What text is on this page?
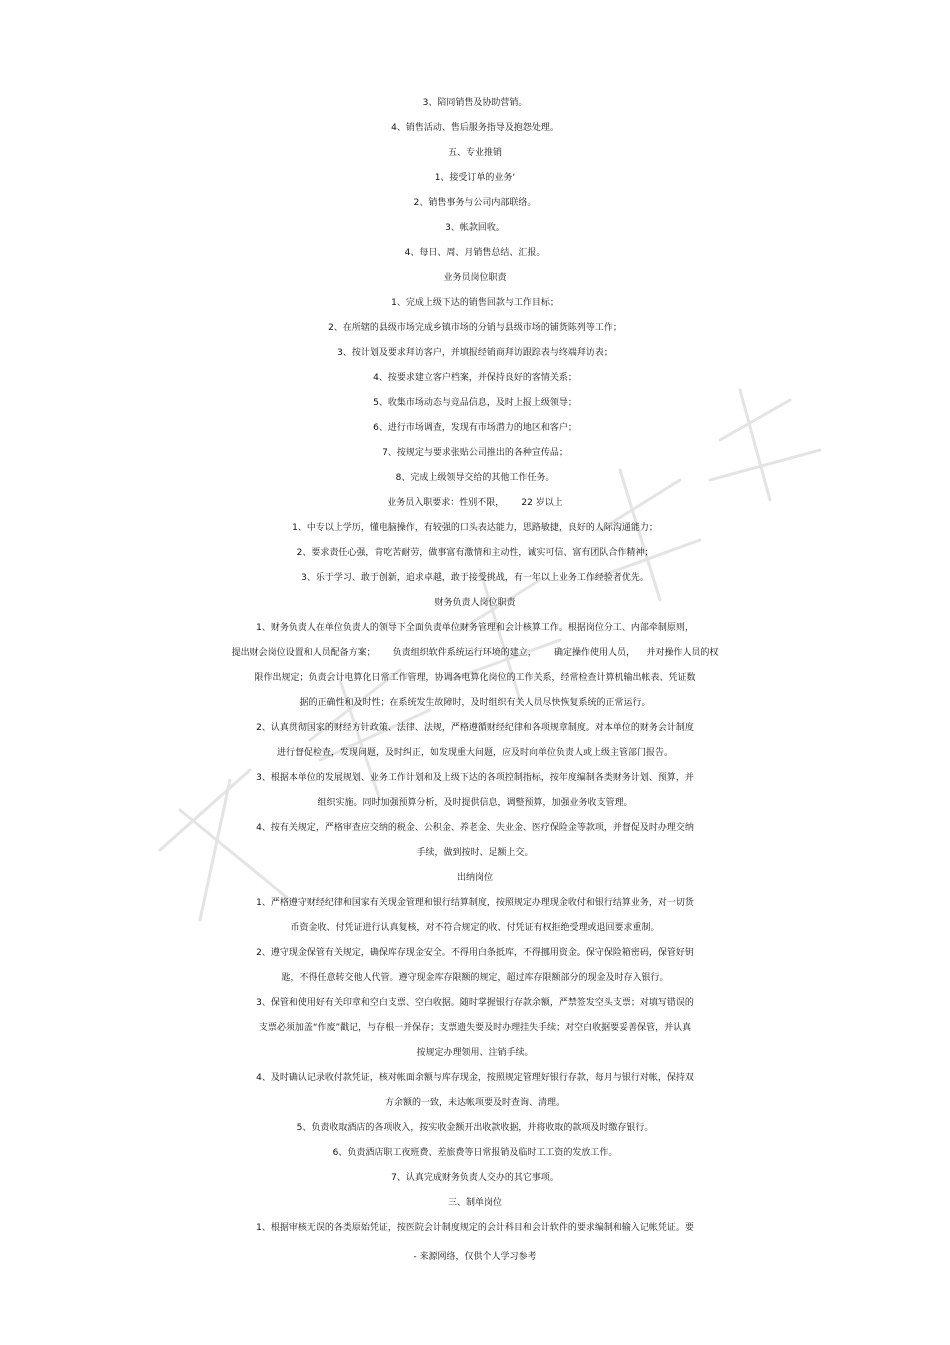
3、陪同销售及协助营销。
4、销售活动、售后服务指导及抱怨处理。
五、专业推销
1、接受订单的业务‘
2、销售事务与公司内部联络。
3、帐款回收。
4、每日、周、月销售总结、汇报。
业务员岗位职责
1、完成上级下达的销售回款与工作目标；
2、在所辖的县级市场完成乡镇市场的分销与县级市场的铺货陈列等工作；
3、按计划及要求拜访客户，并填报经销商拜访跟踪表与终端拜访表；
4、按要求建立客户档案，并保持良好的客情关系；
5、收集市场动态与竞品信息，及时上报上级领导；
6、进行市场调查，发现有市场潜力的地区和客户；
7、按规定与要求张贴公司推出的各种宣传品；
8、完成上级领导交给的其他工作任务。
业务员入职要求：性别不限，      22 岁以上
1、中专以上学历，懂电脑操作，有较强的口头表达能力，思路敏捷，良好的人际沟通能力；
2、要求责任心强，肯吃苦耐劳，做事富有激情和主动性，诚实可信、富有团队合作精神；
3、乐于学习、敢于创新，追求卓越，敢于接受挑战，有一年以上业务工作经验者优先。
财务负责人岗位职责
1、财务负责人在单位负责人的领导下全面负责单位财务管理和会计核算工作。根据岗位分工、内部牵制原则，
提出财会岗位设置和人员配备方案；      负责组织软件系统运行环境的建立，      确定操作使用人员，    并对操作人员的权
限作出规定；负责会计电算化日常工作管理，协调各电算化岗位的工作关系，经常检查计算机输出帐表、凭证数
据的正确性和及时性；在系统发生故障时，及时组织有关人员尽快恢复系统的正常运行。
2、认真贯彻国家的财经方针政策、法律、法规，严格遵循财经纪律和各项规章制度。对本单位的财务会计制度
进行督促检查，发现问题，及时纠正，如发现重大问题，应及时向单位负责人或上级主管部门报告。
3、根据本单位的发展规划、业务工作计划和及上级下达的各项控制指标，按年度编制各类财务计划、预算，并
组织实施。同时加强预算分析，及时提供信息，调整预算，加强业务收支管理。
4、按有关规定，严格审查应交纳的税金、公积金、养老金、失业金、医疗保险金等款项，并督促及时办理交纳
手续，做到按时、足额上交。
出纳岗位
1、严格遵守财经纪律和国家有关现金管理和银行结算制度，按照规定办理现金收付和银行结算业务，对一切货
币资金收、付凭证进行认真复核，对不符合规定的收、付凭证有权拒绝受理或退回要求重制。
2、遵守现金保管有关规定，确保库存现金安全。不得用白条抵库，不得挪用资金。保守保险箱密码，保管好钥
匙，不得任意转交他人代管。遵守现金库存限额的规定，超过库存限额部分的现金及时存入银行。
3、保管和使用好有关印章和空白支票、空白收据。随时掌握银行存款余额，严禁签发空头支票；对填写错误的
支票必须加盖“作废”戳记，与存根一并保存；支票遗失要及时办理挂失手续；对空白收据要妥善保管，并认真
按规定办理领用、注销手续。
4、及时确认记录收付款凭证，核对帐面余额与库存现金，按照规定管理好银行存款，每月与银行对帐，保持双
方余额的一致，未达帐项要及时查询、清理。
5、负责收取酒店的各项收入，按实收金额开出收款收据，并将收取的款项及时缴存银行。
6、负责酒店职工夜班费、差旅费等日常报销及临时工工资的发放工作。
7、认真完成财务负责人交办的其它事项。
三、制单岗位
1、根据审核无误的各类原始凭证，按医院会计制度规定的会计科目和会计软件的要求编制和输入记帐凭证。要
- 来源网络，仅供个人学习参考
